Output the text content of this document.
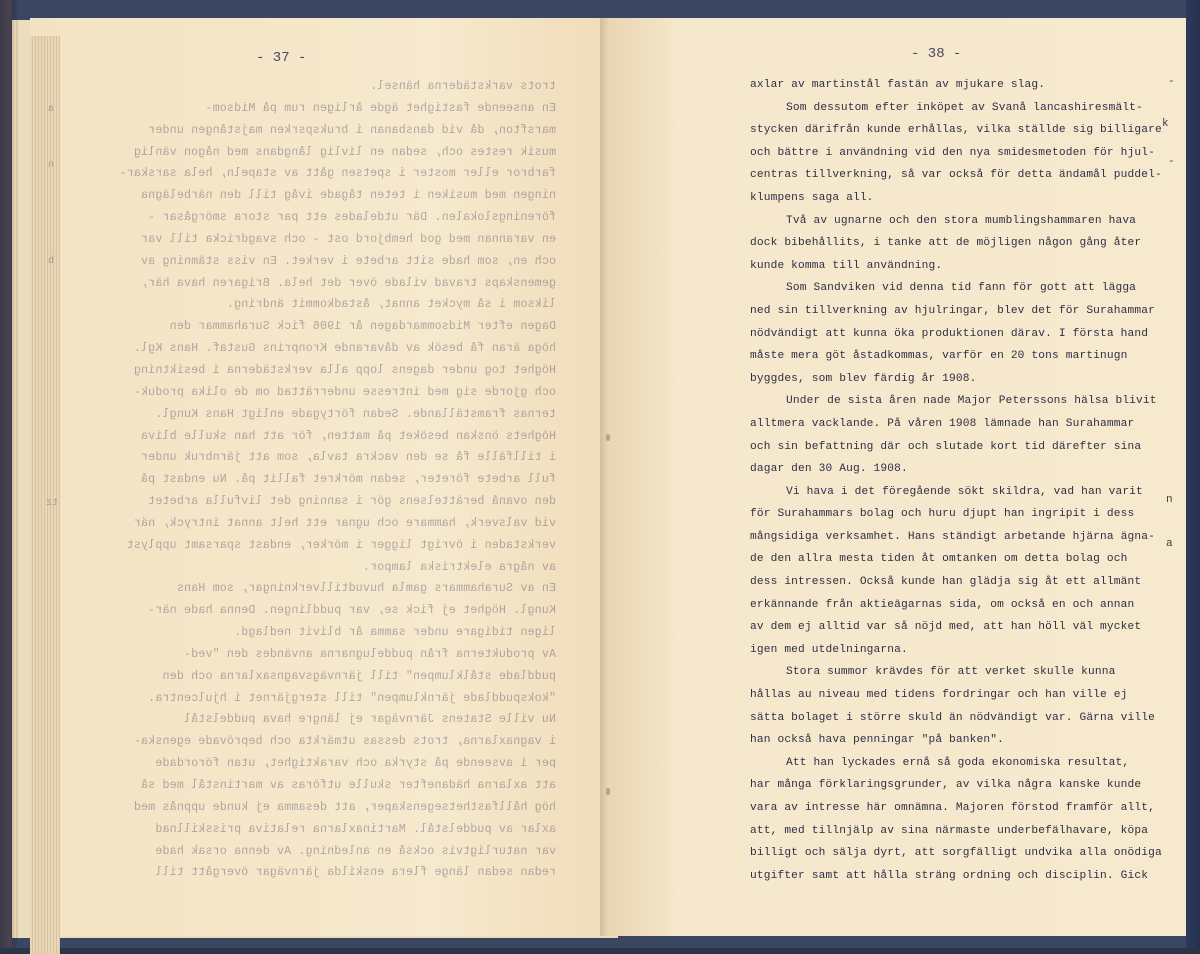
- 37 -
trots varkstäderna hänsel.
En anseende fastighet ägde årligen rum på Midsom-
marsfton, då vid dansbanan i brukspsrken majstången under
musik restes och, sedan en livlig långdans med någon vänlig
farbror eller moster i spetsen gått av stapeln, hela sarskar-
ningen med musiken i teten tågade ivåg till den närbelägna
föreningslokalen. Där utdelades ett par stora smörgåsar -
en varannan med god hembjord ost - och svagdricka till var
och en, som hade sitt arbete i verket. En viss stämning av
gemenskaps travad vilade över det hela. Brigaren hava här,
liksom i så mycket annat, åstadkommit ändring.
Dagen efter Midsommardagen år 1906 fick Surahammar den
höga äran få besök av dåvarande Kronprins Gustaf. Hans Kgl.
Höghet tog under dagens lopp alla verkstäderna i besiktning
och gjorde sig med intresse underrättad om de olika produk-
ternas framställande. Sedan förtygade enligt Hans Kungl.
Höghets önskan besöket på matten, för att han skulle bliva
i tillfälle få se den vackra tavla, som att järnbruk under
full arbete företer, sedan mörkret fallit på. Nu endast på
den ovanå berättelsens gör i sanning det livfulla arbetet
vid valsverk, hammare och ugnar ett helt annat intryck, när
verkstaden i övrigt ligger i mörker, endast sparsamt upplyst
av några elektriska lampor.
En av Surahammars gamla huvudtillverkningar, som Hans
Kungl. Höghet ej fick se, var puddlingen. Denna hade när-
ligen tidigare under samma år blivit nedlagd.
Av produkterna från puddelugnarna användes den "ved-
puddlade stålklumpen" till järnvägsvagnsaxlarna och den
"kokspuddlade järnklumpen" till stergjärnet i hjulcentra.
Nu ville Statens Järnvägar ej längre hava puddelstål
i vagnaxlarna, trots dessas utmärkta och beprövade egenska-
per i avseende på styrka och varaktighet, utan förordade
att axlarna hädanefter skulle utföras av martinstål med så
hög hållfasthetsegenskaper, att desamma ej kunde uppnås med
axlar av puddelstål. Martinaxlarna relativa prisskillnad
var naturligtvis också en anledning. Av denna orsak hade
redan sedan länge flera enskilda järnvägar övergått till
a
n
b
tz
- 38 -
axlar av martinstål fastän av mjukare slag.
Som dessutom efter inköpet av Svanå lancashiresmält-
stycken därifrån kunde erhållas, vilka ställde sig billigare
och bättre i användning vid den nya smidesmetoden för hjul-
centras tillverkning, så var också för detta ändamål puddel-
klumpens saga all.
Två av ugnarne och den stora mumblingshammaren hava
dock bibehållits, i tanke att de möjligen någon gång åter
kunde komma till användning.
Som Sandviken vid denna tid fann för gott att lägga
ned sin tillverkning av hjulringar, blev det för Surahammar
nödvändigt att kunna öka produktionen därav. I första hand
måste mera göt åstadkommas, varför en 20 tons martinugn
byggdes, som blev färdig år 1908.
Under de sista åren nade Major Peterssons hälsa blivit
alltmera vacklande. På våren 1908 lämnade han Surahammar
och sin befattning där och slutade kort tid därefter sina
dagar den 30 Aug. 1908.
Vi hava i det föregående sökt skildra, vad han varit
för Surahammars bolag och huru djupt han ingripit i dess
mångsidiga verksamhet. Hans ständigt arbetande hjärna ägna-
de den allra mesta tiden åt omtanken om detta bolag och
dess intressen. Också kunde han glädja sig åt ett allmänt
erkännande från aktieägarnas sida, om också en och annan
av dem ej alltid var så nöjd med, att han höll väl mycket
igen med utdelningarna.
Stora summor krävdes för att verket skulle kunna
hållas au niveau med tidens fordringar och han ville ej
sätta bolaget i större skuld än nödvändigt var. Gärna ville
han också hava penningar "på banken".
Att han lyckades ernå så goda ekonomiska resultat,
har många förklaringsgrunder, av vilka några kanske kunde
vara av intresse här omnämna. Majoren förstod framför allt,
att, med tillnjälp av sina närmaste underbefälhavare, köpa
billigt och sälja dyrt, att sorgfälligt undvika alla onödiga
utgifter samt att hålla sträng ordning och disciplin. Gick
-
k
-
n
a
